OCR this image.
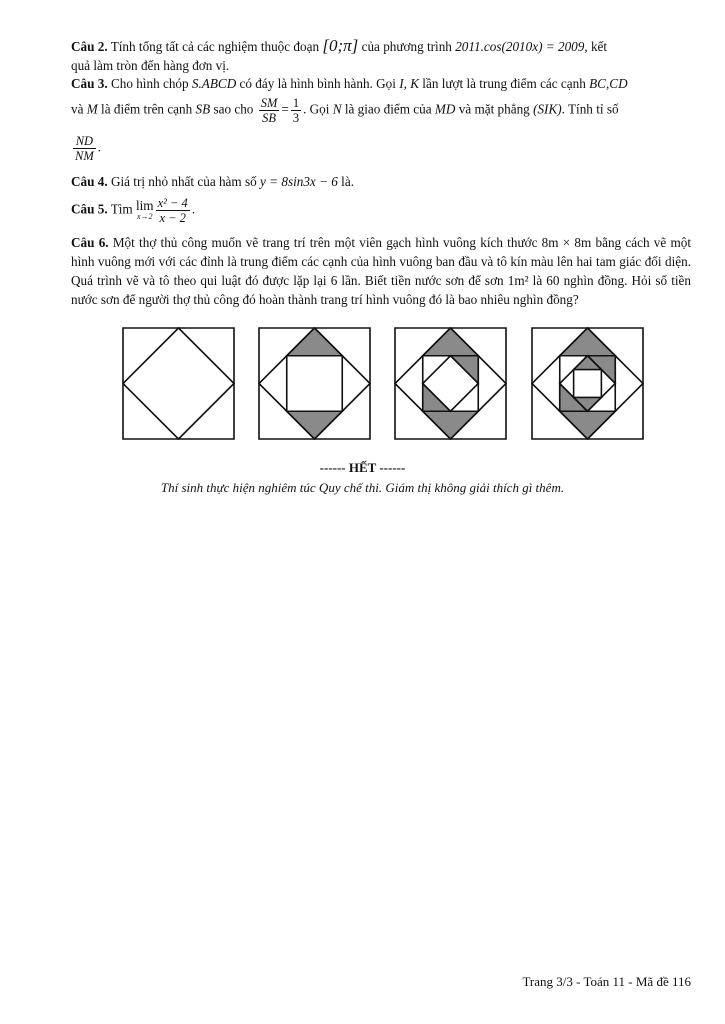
Câu 2. Tính tổng tất cả các nghiệm thuộc đoạn [0;π] của phương trình 2011.cos(2010x) = 2009, kết
quả làm tròn đến hàng đơn vị.
Câu 3. Cho hình chóp S.ABCD có đáy là hình bình hành. Gọi I, K lần lượt là trung điểm các cạnh BC,CD
và M là điểm trên cạnh SB sao cho $\frac{SM}{SB} = \frac{1}{3}$ . Gọi N là giao điểm của MD và mặt phẳng (SIK). Tính tỉ số
$\frac{ND}{NM}$ .
Câu 4. Giá trị nhỏ nhất của hàm số y = 8sin3x − 6 là.
Câu 5. Tìm lim
$x\to 2 \frac{\text{x² − 4}}{x - 2}$ .
Câu 6. Một thợ thủ công muốn vẽ trang trí trên một viên gạch hình vuông kích thước 8m × 8m bằng cách vẽ một hình vuông mới với các đỉnh là trung điểm các cạnh của hình vuông ban đầu và tô kín màu lên hai tam giác đối diện. Quá trình vẽ và tô theo qui luật đó được lặp lại 6 lần. Biết tiền nước sơn để sơn 1m² là 60 nghìn đồng. Hỏi số tiền nước sơn để người thợ thủ công đó hoàn thành trang trí hình vuông đó là bao nhiêu nghìn đồng?
------ HẾT ------
Thí sinh thực hiện nghiêm túc Quy chế thi. Giám thị không giải thích gì thêm.
Trang 3/3 - Toán 11 - Mã đề 116
